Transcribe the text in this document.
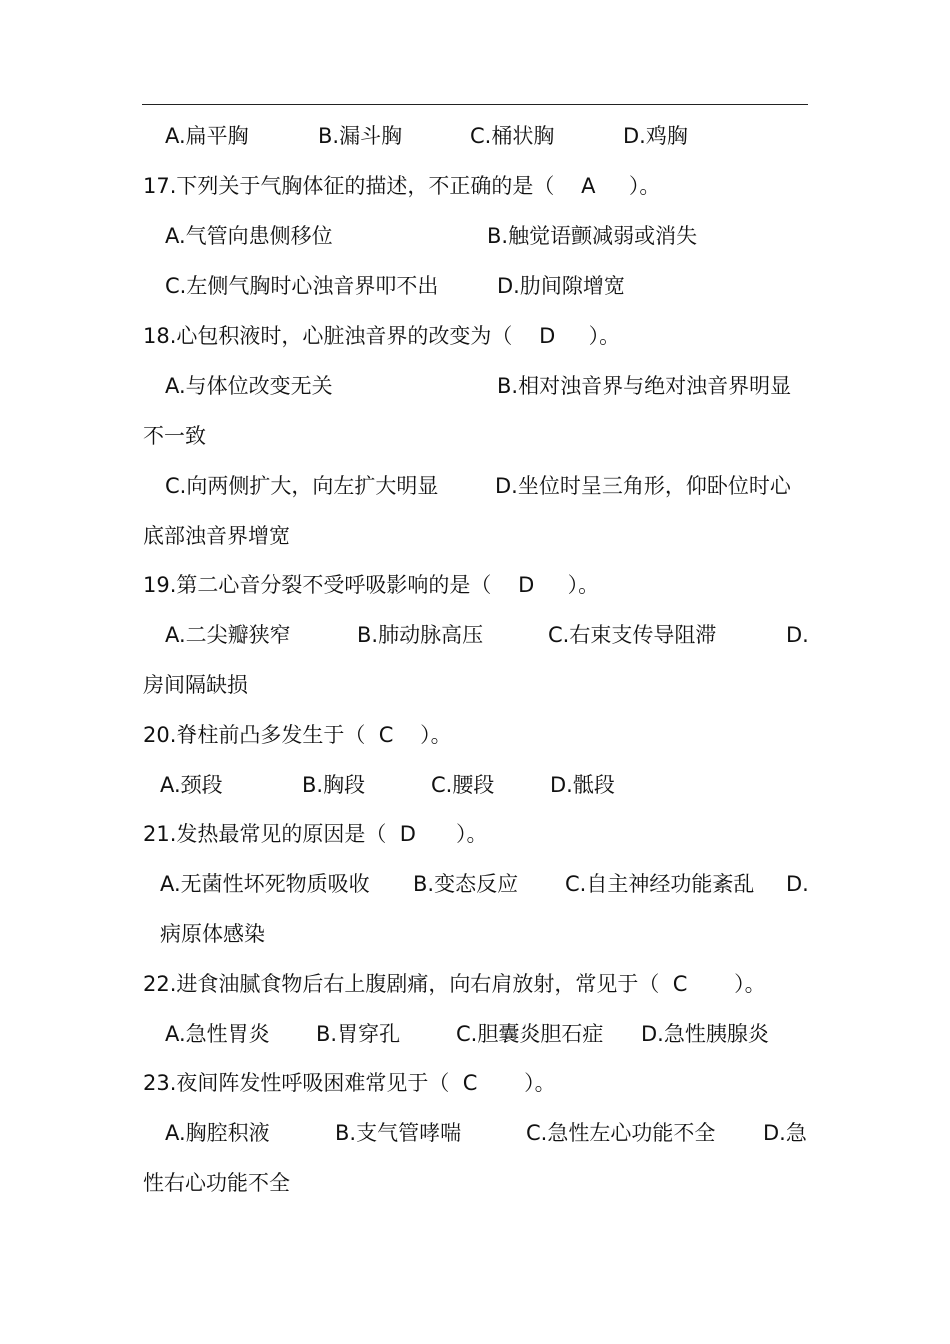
A.扁平胸	B.漏斗胸	C.桶状胸	D.鸡胸
17.下列关于气胸体征的描述，不正确的是（    A     ）。
A.气管向患侧移位	B.触觉语颤减弱或消失
C.左侧气胸时心浊音界叩不出	D.肋间隙增宽
18.心包积液时，心脏浊音界的改变为（    D     ）。
A.与体位改变无关	B.相对浊音界与绝对浊音界明显
不一致
C.向两侧扩大，向左扩大明显	D.坐位时呈三角形，仰卧位时心
底部浊音界增宽
19.第二心音分裂不受呼吸影响的是（    D     ）。
A.二尖瓣狭窄	B.肺动脉高压	C.右束支传导阻滞	D.
房间隔缺损
20.脊柱前凸多发生于（  C    ）。
A.颈段	B.胸段	C.腰段	D.骶段
21.发热最常见的原因是（  D      ）。
A.无菌性坏死物质吸收 B.变态反应 C.自主神经功能紊乱 D.
病原体感染
22.进食油腻食物后右上腹剧痛，向右肩放射，常见于（  C       ）。
A.急性胃炎 B.胃穿孔	C.胆囊炎胆石症 D.急性胰腺炎
23.夜间阵发性呼吸困难常见于（  C       ）。
A.胸腔积液	B.支气管哮喘	C.急性左心功能不全 D.急
性右心功能不全
